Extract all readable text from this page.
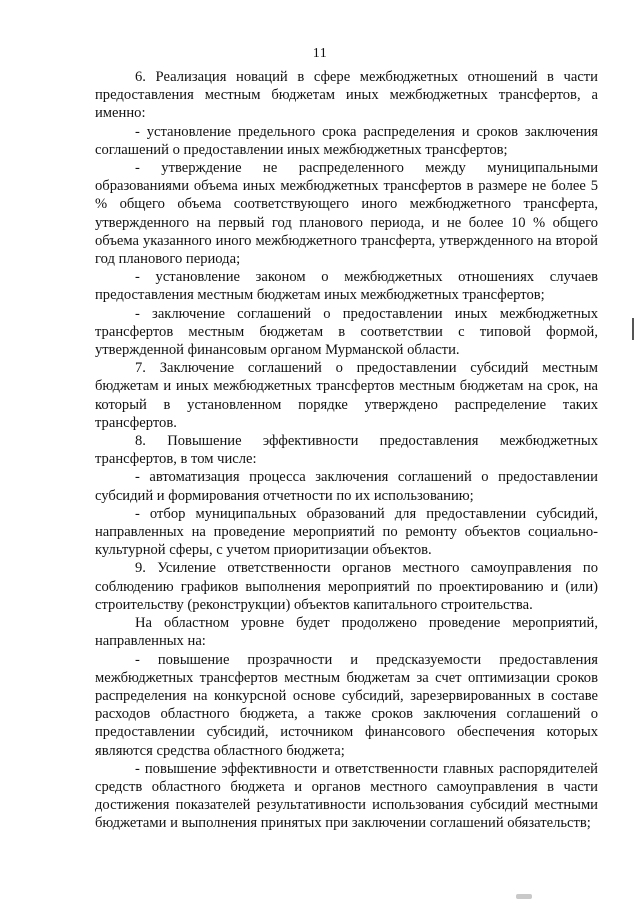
11

6. Реализация новаций в сфере межбюджетных отношений в части предоставления местным бюджетам иных межбюджетных трансфертов, а именно:

- установление предельного срока распределения и сроков заключения соглашений о предоставлении иных межбюджетных трансфертов;

- утверждение не распределенного между муниципальными образованиями объема иных межбюджетных трансфертов в размере не более 5 % общего объема соответствующего иного межбюджетного трансферта, утвержденного на первый год планового периода, и не более 10 % общего объема указанного иного межбюджетного трансферта, утвержденного на второй год планового периода;

- установление законом о межбюджетных отношениях случаев предоставления местным бюджетам иных межбюджетных трансфертов;

- заключение соглашений о предоставлении иных межбюджетных трансфертов местным бюджетам в соответствии с типовой формой, утвержденной финансовым органом Мурманской области.

7. Заключение соглашений о предоставлении субсидий местным бюджетам и иных межбюджетных трансфертов местным бюджетам на срок, на который в установленном порядке утверждено распределение таких трансфертов.

8. Повышение эффективности предоставления межбюджетных трансфертов, в том числе:

- автоматизация процесса заключения соглашений о предоставлении субсидий и формирования отчетности по их использованию;

- отбор муниципальных образований для предоставлении субсидий, направленных на проведение мероприятий по ремонту объектов социально-культурной сферы, с учетом приоритизации объектов.

9. Усиление ответственности органов местного самоуправления по соблюдению графиков выполнения мероприятий по проектированию и (или) строительству (реконструкции) объектов капитального строительства.

На областном уровне будет продолжено проведение мероприятий, направленных на:

- повышение прозрачности и предсказуемости предоставления межбюджетных трансфертов местным бюджетам за счет оптимизации сроков распределения на конкурсной основе субсидий, зарезервированных в составе расходов областного бюджета, а также сроков заключения соглашений о предоставлении субсидий, источником финансового обеспечения которых являются средства областного бюджета;

- повышение эффективности и ответственности главных распорядителей средств областного бюджета и органов местного самоуправления в части достижения показателей результативности использования субсидий местными бюджетами и выполнения принятых при заключении соглашений обязательств;
